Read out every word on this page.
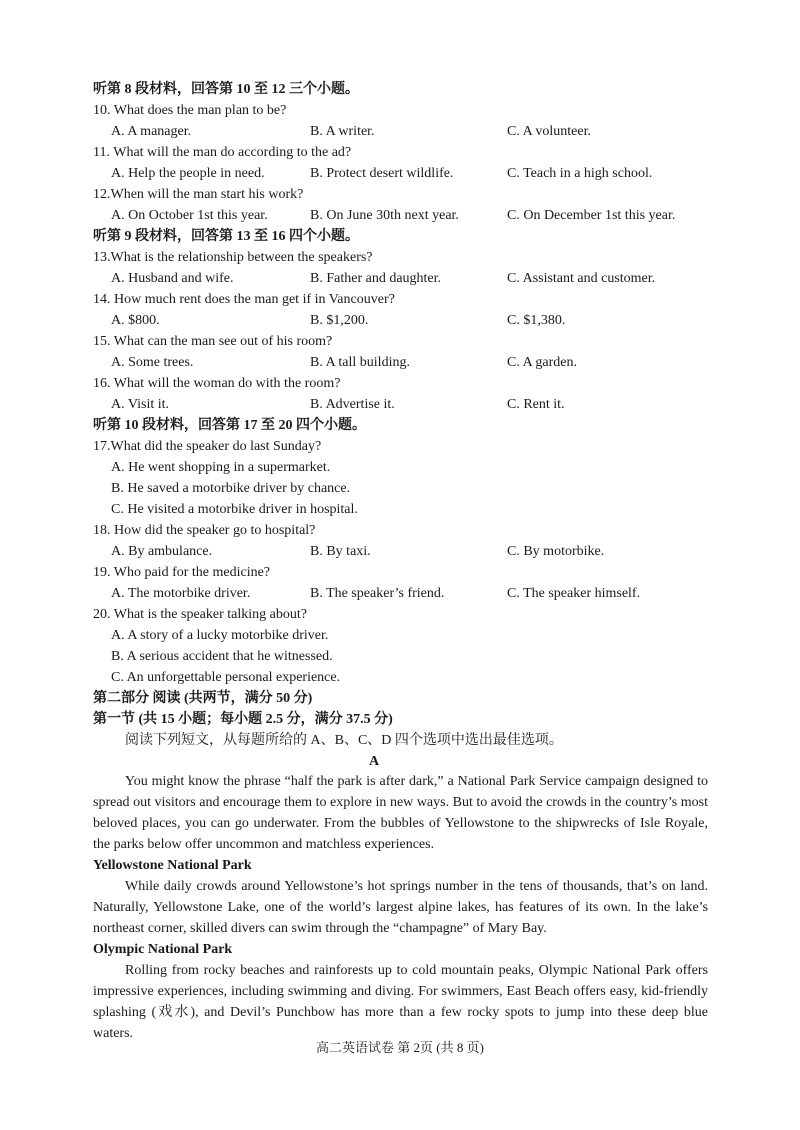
听第 8 段材料，回答第 10 至 12 三个小题。
10. What does the man plan to be?
A. A manager.	B. A writer.	C. A volunteer.
11. What will the man do according to the ad?
A. Help the people in need.	B. Protect desert wildlife.	C. Teach in a high school.
12.When will the man start his work?
A. On October 1st this year.	B. On June 30th next year.	C. On December 1st this year.
听第 9 段材料，回答第 13 至 16 四个小题。
13.What is the relationship between the speakers?
A. Husband and wife.	B. Father and daughter.	C. Assistant and customer.
14. How much rent does the man get if in Vancouver?
A. $800.	B. $1,200.	C. $1,380.
15. What can the man see out of his room?
A. Some trees.	B. A tall building.	C. A garden.
16. What will the woman do with the room?
A. Visit it.	B. Advertise it.	C. Rent it.
听第 10 段材料，回答第 17 至 20 四个小题。
17.What did the speaker do last Sunday?
A. He went shopping in a supermarket.
B. He saved a motorbike driver by chance.
C. He visited a motorbike driver in hospital.
18. How did the speaker go to hospital?
A. By ambulance.	B. By taxi.	C. By motorbike.
19. Who paid for the medicine?
A. The motorbike driver.	B. The speaker’s friend.	C. The speaker himself.
20. What is the speaker talking about?
A. A story of a lucky motorbike driver.
B. A serious accident that he witnessed.
C. An unforgettable personal experience.
第二部分 阅读 (共两节，满分 50 分)
第一节 (共 15 小题；每小题 2.5 分，满分 37.5 分)
阅读下列短文，从每题所给的 A、B、C、D 四个选项中选出最佳选项。
A
You might know the phrase “half the park is after dark,” a National Park Service campaign designed to spread out visitors and encourage them to explore in new ways. But to avoid the crowds in the country’s most beloved places, you can go underwater. From the bubbles of Yellowstone to the shipwrecks of Isle Royale, the parks below offer uncommon and matchless experiences.
Yellowstone National Park
While daily crowds around Yellowstone’s hot springs number in the tens of thousands, that’s on land. Naturally, Yellowstone Lake, one of the world’s largest alpine lakes, has features of its own. In the lake’s northeast corner, skilled divers can swim through the “champagne” of Mary Bay.
Olympic National Park
Rolling from rocky beaches and rainforests up to cold mountain peaks, Olympic National Park offers impressive experiences, including swimming and diving. For swimmers, East Beach offers easy, kid-friendly splashing (戏水), and Devil’s Punchbow has more than a few rocky spots to jump into these deep blue waters.
高二英语试卷 第 2页 (共 8 页)
